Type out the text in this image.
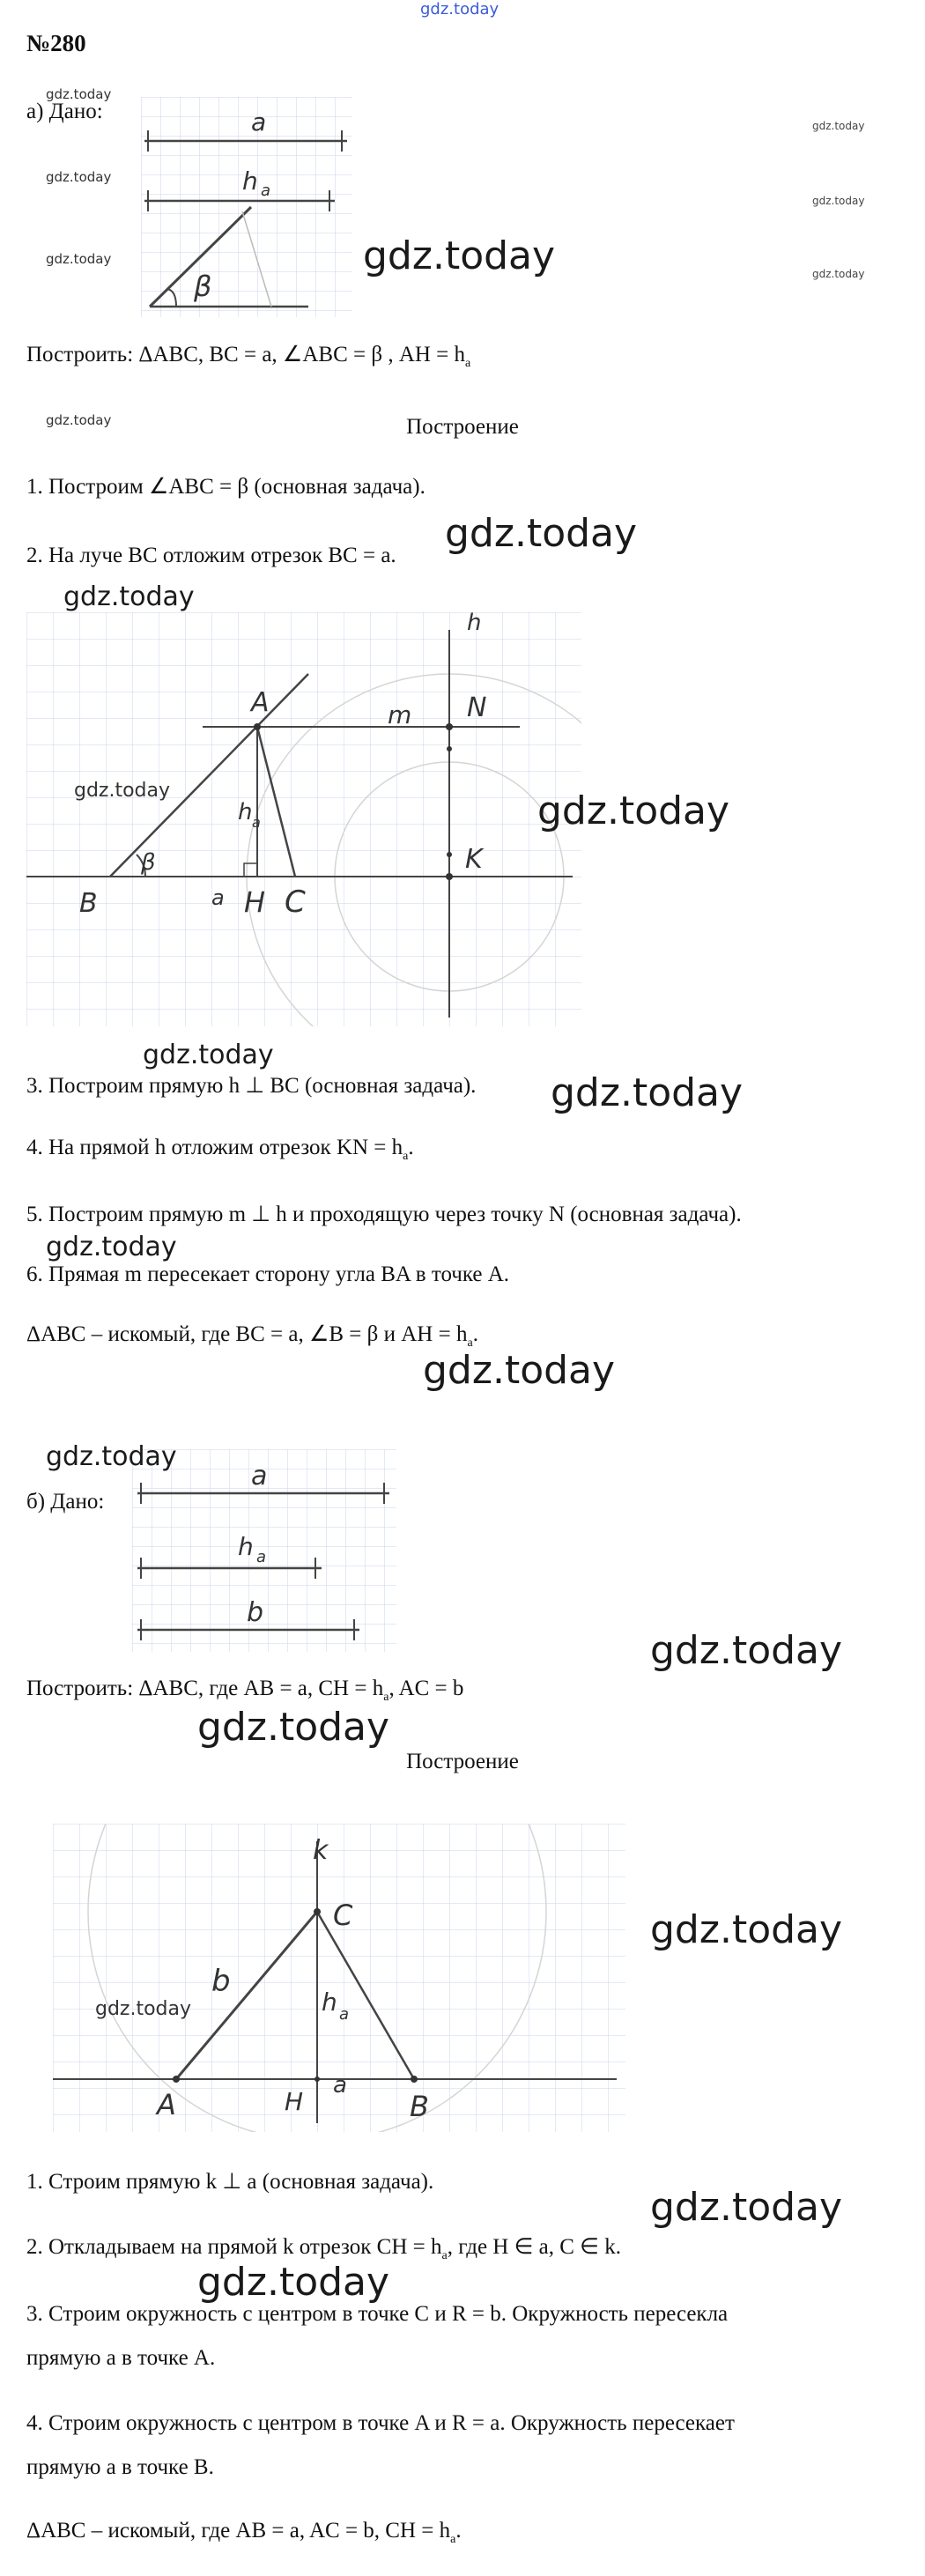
gdz.today
№280
а) Дано:	a
h a
β
Построить: ΔABC, BC = a, ∠ABC = β , AH = $h_a$
Построение
1. Построим ∠ABC = β (основная задача).
2. На луче BC отложим отрезок BC = a.
A
B	C
H
N
K
m
h
h a
a
β
3. Построим прямую h ⊥ BC (основная задача).
4. На прямой h отложим отрезок KN = $h_a$.
5. Построим прямую m ⊥ h и проходящую через точку N (основная задача).
6. Прямая m пересекает сторону угла BA в точке A.
ΔABC – искомый, где BC = a, ∠B = β и AH = $h_a$.
б) Дано:
a
h a
b
Построить: ΔABC, где AB = a, CH = $h_a$, AC = b
Построение
k
C
b
h a
A	H
a
B
1. Строим прямую k ⊥ a (основная задача).
2. Откладываем на прямой k отрезок CH = $h_a$, где H ∈ a, C ∈ k.
3. Строим окружность с центром в точке C и R = b. Окружность пересекла
прямую a в точке A.
4. Строим окружность с центром в точке A и R = a. Окружность пересекает
прямую a в точке B.
ΔABC – искомый, где AB = a, AC = b, CH = $h_a$.
gdz.today
gdz.today
gdz.today
gdz.today
gdz.today
gdz.today
gdz.today
gdz.today
gdz.today
gdz.today
gdz.today
gdz.today
gdz.today
gdz.today
gdz.today
gdz.today
gdz.today
gdz.today
gdz.today
gdz.today
gdz.today
gdz.today
gdz.today
